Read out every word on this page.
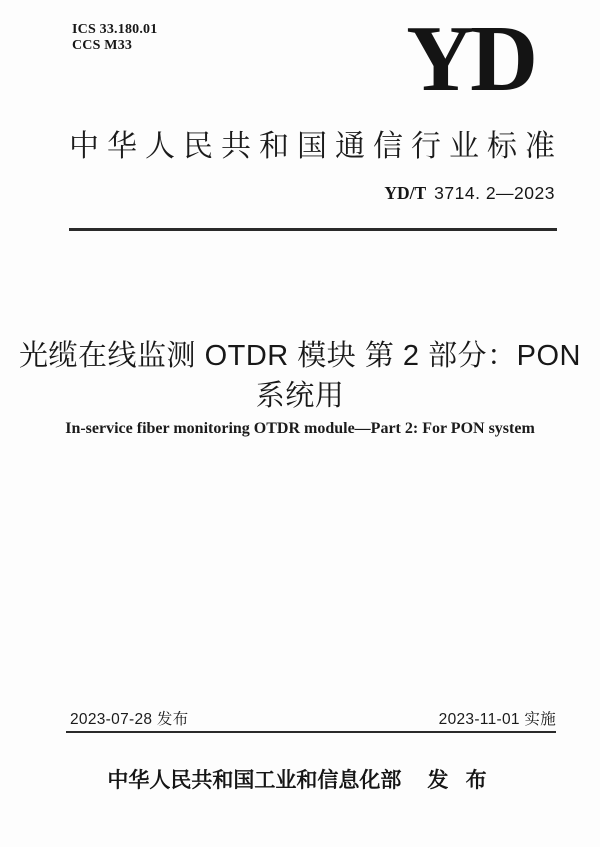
ICS 33.180.01
CCS M33	YD
中华人民共和国通信行业标准
YD/T 3714. 2—2023
光缆在线监测 OTDR 模块 第 2 部分：PON
系统用
In-service fiber monitoring OTDR module—Part 2: For PON system
2023-07-28 发布	2023-11-01 实施
中华人民共和国工业和信息化部 发 布
